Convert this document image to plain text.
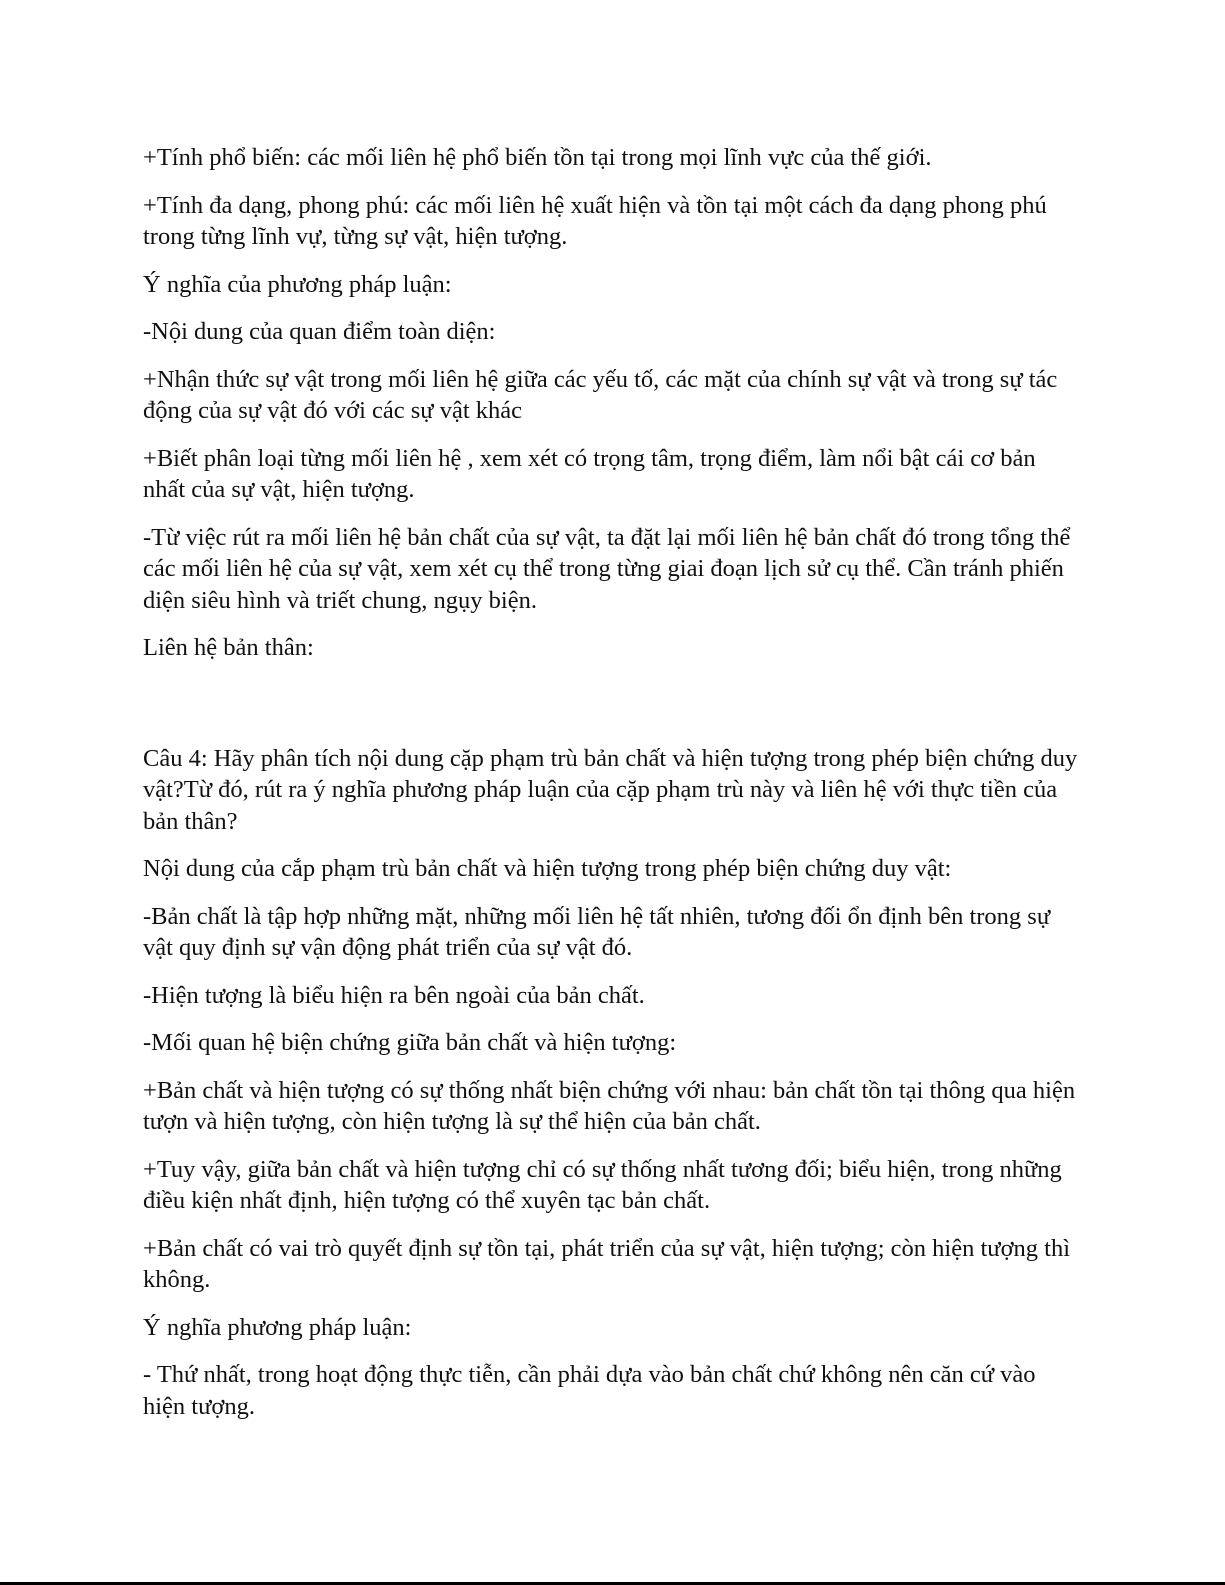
+Tính phổ biến: các mối liên hệ phổ biến tồn tại trong mọi lĩnh vực của thế giới.

+Tính đa dạng, phong phú: các mối liên hệ xuất hiện và tồn tại một cách đa dạng phong phú trong từng lĩnh vự, từng sự vật, hiện tượng.

Ý nghĩa của phương pháp luận:

-Nội dung của quan điểm toàn diện:

+Nhận thức sự vật trong mối liên hệ giữa các yếu tố, các mặt của chính sự vật và trong sự tác động của sự vật đó với các sự vật khác

+Biết phân loại từng mối liên hệ , xem xét có trọng tâm, trọng điểm, làm nổi bật cái cơ bản nhất của sự vật, hiện tượng.

-Từ việc rút ra mối liên hệ bản chất của sự vật, ta đặt lại mối liên hệ bản chất đó trong tổng thể các mối liên hệ của sự vật, xem xét cụ thể trong từng giai đoạn lịch sử cụ thể. Cần tránh phiến diện siêu hình và triết chung, ngụy biện.

Liên hệ bản thân:

Câu 4: Hãy phân tích nội dung cặp phạm trù bản chất và hiện tượng trong phép biện chứng duy vật?Từ đó, rút ra ý nghĩa phương pháp luận của cặp phạm trù này và liên hệ với thực tiền của bản thân?

Nội dung của cắp phạm trù bản chất và hiện tượng trong phép biện chứng duy vật:

-Bản chất là tập hợp những mặt, những mối liên hệ tất nhiên, tương đối ổn định bên trong sự vật quy định sự vận động phát triển của sự vật đó.

-Hiện tượng là biểu hiện ra bên ngoài của bản chất.

-Mối quan hệ biện chứng giữa bản chất và hiện tượng:

+Bản chất và hiện tượng có sự thống nhất biện chứng với nhau: bản chất tồn tại thông qua hiện tượn và hiện tượng, còn hiện tượng là sự thể hiện của bản chất.

+Tuy vậy, giữa bản chất và hiện tượng chỉ có sự thống nhất tương đối; biểu hiện, trong những điều kiện nhất định, hiện tượng có thể xuyên tạc bản chất.

+Bản chất có vai trò quyết định sự tồn tại, phát triển của sự vật, hiện tượng; còn hiện tượng thì không.

Ý nghĩa phương pháp luận:

- Thứ nhất, trong hoạt động thực tiễn, cần phải dựa vào bản chất chứ không nên căn cứ vào hiện tượng.
